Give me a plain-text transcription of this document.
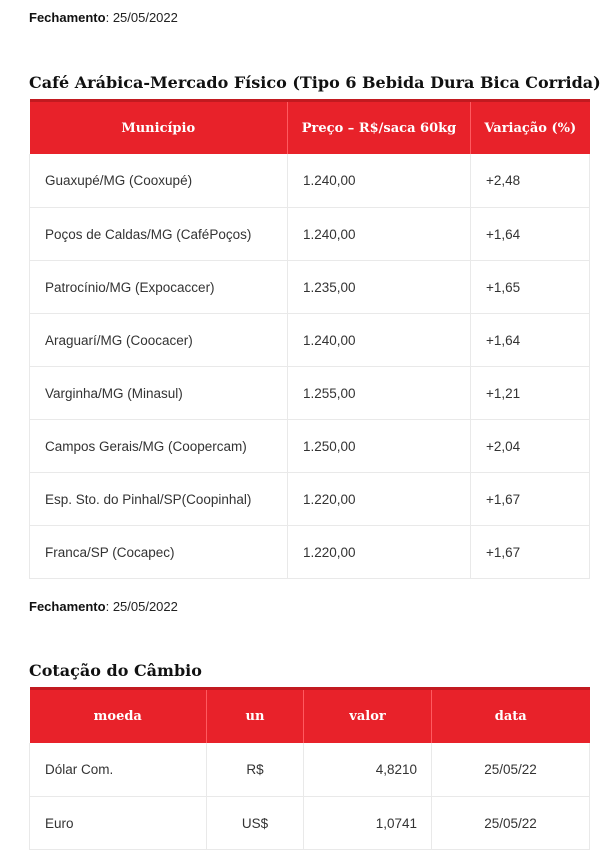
Fechamento: 25/05/2022
Café Arábica-Mercado Físico (Tipo 6 Bebida Dura Bica Corrida)
Município	Preço – R$/saca 60kg	Variação (%)
Guaxupé/MG (Cooxupé)	1.240,00	+2,48
Poços de Caldas/MG (CaféPoços)	1.240,00	+1,64
Patrocínio/MG (Expocaccer)	1.235,00	+1,65
Araguarí/MG (Coocacer)	1.240,00	+1,64
Varginha/MG (Minasul)	1.255,00	+1,21
Campos Gerais/MG (Coopercam)	1.250,00	+2,04
Esp. Sto. do Pinhal/SP(Coopinhal)	1.220,00	+1,67
Franca/SP (Cocapec)	1.220,00	+1,67
Fechamento: 25/05/2022
Cotação do Câmbio
moeda	un	valor	data
Dólar Com.	R$	4,8210	25/05/22
Euro	US$	1,0741	25/05/22
